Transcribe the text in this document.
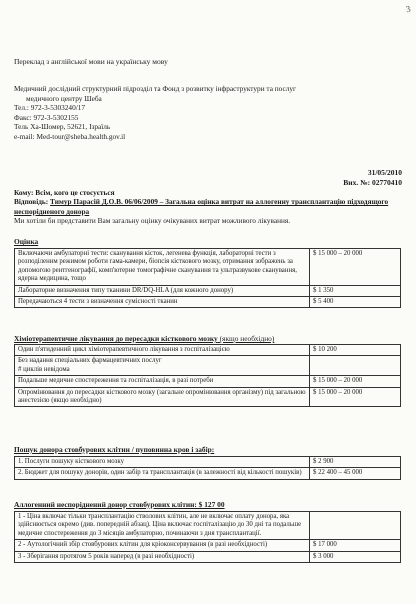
3
Переклад з англійської мови на українську мову
Медичний дослідний структурний підрозділ та Фонд з розвитку інфраструктури та послуг
медичного центру Шеба
Тел.: 972-3-5303240/17
Факс: 972-3-5302155
Тель Ха-Шомер, 52621, Ізраїль
e-mail: Med-tour@sheba.health.gov.il
31/05/2010
Вих. №: 02770410
Кому: Всім, кого це стосується
Відповідь: Тимур Парасій Д.О.В. 06/06/2009 – Загальна оцінка витрат на аллогенну трансплантацію підходящого неспорідненого донора
Ми хотіли би представити Вам загальну оцінку очікуваних витрат можливого лікування.
Оцінка
Включаючи амбулаторні тести: сканування кісток, легенева функція, лабораторні тести з розподіленим режимом роботи гама-камери, біопсія кісткового мозку, отримання зображень за допомогою рентгенографії, комп'ютерне томографічне сканування та ультразвукове сканування, ядерна медицина, тощо	$ 15 000 – 20 000
Лабораторне визначення типу тканини DR/DQ-HLA (для кожного донору)	$ 1 350
Передачаються 4 тести з визначення сумісності тканин	$ 5 400
Хіміотерапевтичне лікування до пересадки кісткового мозку (якщо необхідно)
Один п'ятиденний цикл хіміотерапевтичного лікування з госпіталізацією	$ 10 200
Без надання спеціальних фармацевтичних послуг
# циклів невідома	
Подальше медичне спостереження та госпіталізація, в разі потреби	$ 15 000 – 20 000
Опромінювання до пересадки кісткового мозку (загальне опромінювання організму) під загальною анестезією (якщо необхідно)	$ 15 000 – 20 000
Пошук донора стовбурових клітин / пуповинна кров і забір:
1. Послуги пошуку кісткового мозку	$ 2 900
2. Бюджет для пошуку донорів, один забір та трансплантація (в залежності від кількості пошуків)	$ 22 400 – 45 000
Аллогенний неспоріднений донор стовбурових клітин: $ 127 00
1 - Ціна включає тільки трансплантацію стволових клітин, але не включає оплату донора, яка здійснюється окремо (див. попередній абзац). Ціна включає госпіталізацію до 30 дні та подальше медичне спостереження до 3 місяців амбулаторно, починаючи з дня трансплантації.	
2 - Аутологічний збір стовбурових клітин для кріоконсервування (в разі необхідності)	$ 17 000
3 - Зберігання протягом 5 років наперед (в разі необхідності)	$ 3 000
